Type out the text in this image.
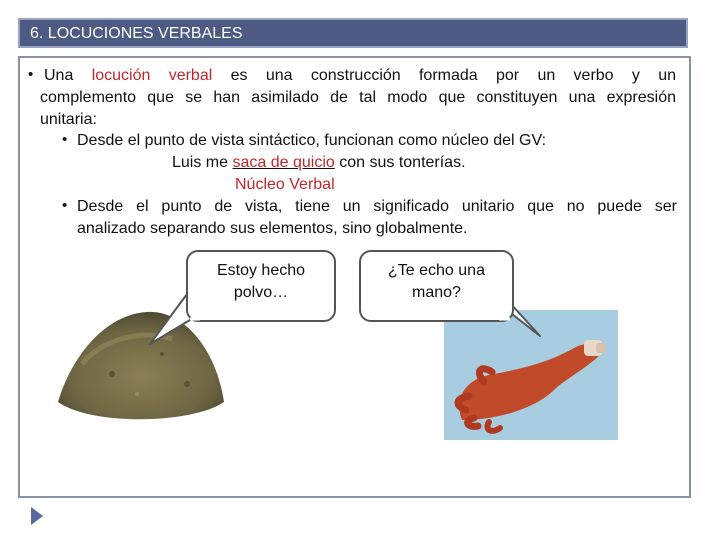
6. LOCUCIONES VERBALES
• Una locución verbal es una construcción formada por un verbo y un
complemento que se han asimilado de tal modo que constituyen una expresión
unitaria:
• Desde el punto de vista sintáctico, funcionan como núcleo del GV:
Luis me saca de quicio con sus tonterías.
Núcleo Verbal
• Desde el punto de vista, tiene un significado unitario que no puede ser
analizado separando sus elementos, sino globalmente.
Estoy hecho
polvo…
¿Te echo una
mano?
